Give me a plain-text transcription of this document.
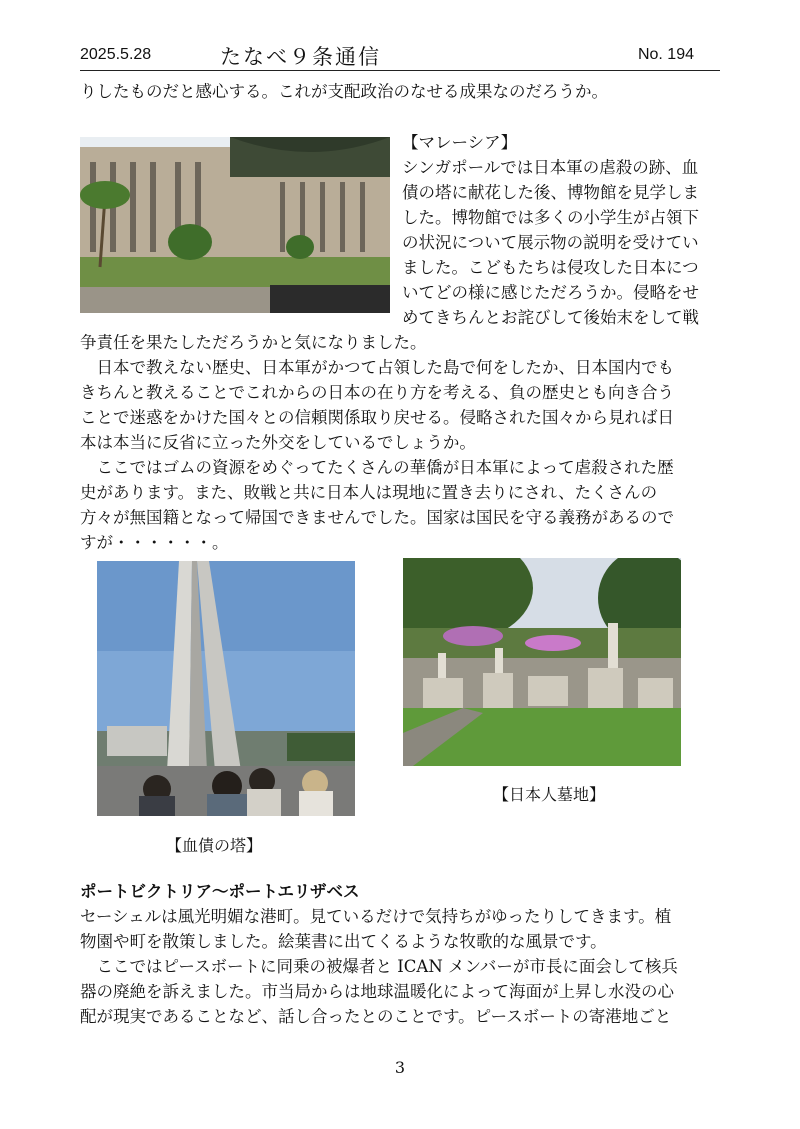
2025.5.28	たなべ９条通信	No. 194

りしたものだと感心する。これが支配政治のなせる成果なのだろうか。

【マレーシア】
シンガポールでは日本軍の虐殺の跡、血
債の塔に献花した後、博物館を見学しま
した。博物館では多くの小学生が占領下
の状況について展示物の説明を受けてい
ました。こどもたちは侵攻した日本につ
いてどの様に感じただろうか。侵略をせ
めてきちんとお詫びして後始末をして戦
争責任を果たしただろうかと気になりました。
　日本で教えない歴史、日本軍がかつて占領した島で何をしたか、日本国内でも
きちんと教えることでこれからの日本の在り方を考える、負の歴史とも向き合う
ことで迷惑をかけた国々との信頼関係取り戻せる。侵略された国々から見れば日
本は本当に反省に立った外交をしているでしょうか。
　ここではゴムの資源をめぐってたくさんの華僑が日本軍によって虐殺された歴
史があります。また、敗戦と共に日本人は現地に置き去りにされ、たくさんの
方々が無国籍となって帰国できませんでした。国家は国民を守る義務があるので
すが・・・・・・。
【血債の塔】
【日本人墓地】
ポートビクトリア～ポートエリザベス
セーシェルは風光明媚な港町。見ているだけで気持ちがゆったりしてきます。植
物園や町を散策しました。絵葉書に出てくるような牧歌的な風景です。
　ここではピースボートに同乗の被爆者と ICAN メンバーが市長に面会して核兵
器の廃絶を訴えました。市当局からは地球温暖化によって海面が上昇し水没の心
配が現実であることなど、話し合ったとのことです。ピースボートの寄港地ごと
3
